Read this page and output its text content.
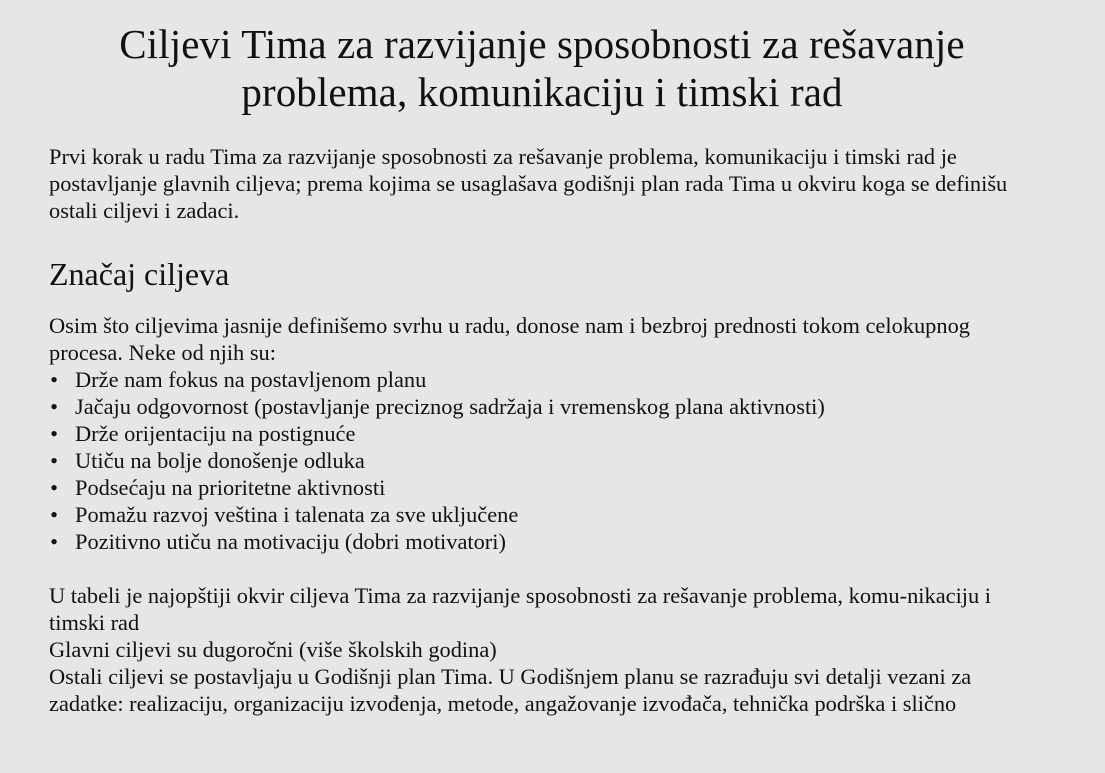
Ciljevi Tima za razvijanje sposobnosti za rešavanje
problema, komunikaciju i timski rad

Prvi korak u radu Tima za razvijanje sposobnosti za rešavanje problema, komunikaciju i timski rad je postavljanje glavnih ciljeva; prema kojima se usaglašava godišnji plan rada Tima u okviru koga se definišu ostali ciljevi i zadaci.

Značaj ciljeva

Osim što ciljevima jasnije definišemo svrhu u radu, donose nam i bezbroj prednosti tokom celokupnog procesa. Neke od njih su:

• Drže nam fokus na postavljenom planu
• Jačaju odgovornost (postavljanje preciznog sadržaja i vremenskog plana aktivnosti)
• Drže orijentaciju na postignuće
• Utiču na bolje donošenje odluka
• Podsećaju na prioritetne aktivnosti
• Pomažu razvoj veština i talenata za sve uključene
• Pozitivno utiču na motivaciju (dobri motivatori)
U tabeli je najopštiji okvir ciljeva Tima za razvijanje sposobnosti za rešavanje problema, komu-nikaciju i timski rad
Glavni ciljevi su dugoročni (više školskih godina)
Ostali ciljevi se postavljaju u Godišnji plan Tima. U Godišnjem planu se razrađuju svi detalji vezani za zadatke: realizaciju, organizaciju izvođenja, metode, angažovanje izvođača, tehnička podrška i slično
